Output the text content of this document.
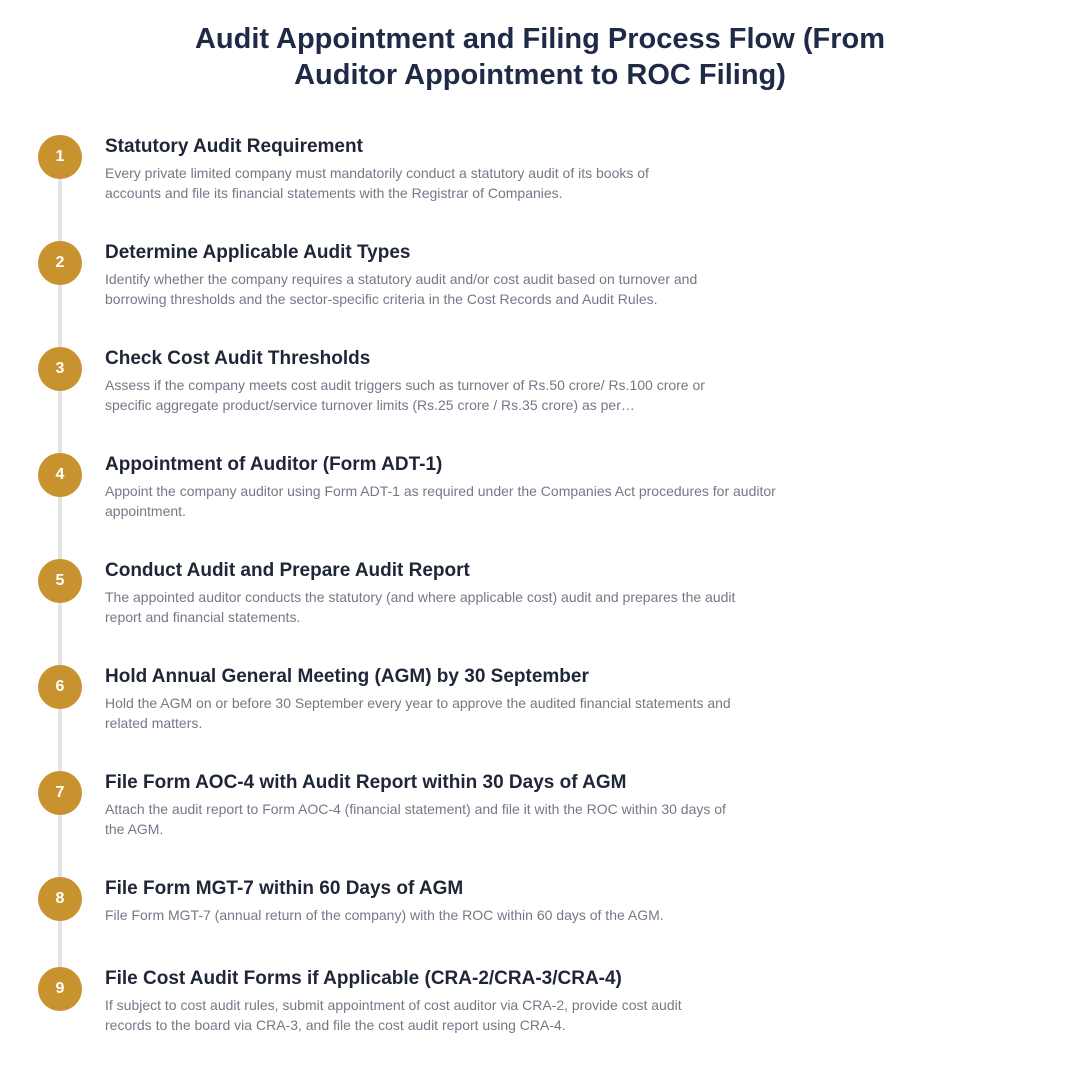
Audit Appointment and Filing Process Flow (From Auditor Appointment to ROC Filing)
1	Statutory Audit Requirement

Every private limited company must mandatorily conduct a statutory audit of its books of accounts and file its financial statements with the Registrar of Companies.

2	Determine Applicable Audit Types

Identify whether the company requires a statutory audit and/or cost audit based on turnover and borrowing thresholds and the sector-specific criteria in the Cost Records and Audit Rules.

3	Check Cost Audit Thresholds

Assess if the company meets cost audit triggers such as turnover of Rs.50 crore/ Rs.100 crore or specific aggregate product/service turnover limits (Rs.25 crore / Rs.35 crore) as per…

4	Appointment of Auditor (Form ADT-1)

Appoint the company auditor using Form ADT-1 as required under the Companies Act procedures for auditor appointment.

5	Conduct Audit and Prepare Audit Report

The appointed auditor conducts the statutory (and where applicable cost) audit and prepares the audit report and financial statements.

6	Hold Annual General Meeting (AGM) by 30 September

Hold the AGM on or before 30 September every year to approve the audited financial statements and related matters.

7	File Form AOC-4 with Audit Report within 30 Days of AGM

Attach the audit report to Form AOC-4 (financial statement) and file it with the ROC within 30 days of the AGM.

8	File Form MGT-7 within 60 Days of AGM

File Form MGT-7 (annual return of the company) with the ROC within 60 days of the AGM.

9	File Cost Audit Forms if Applicable (CRA-2/CRA-3/CRA-4)

If subject to cost audit rules, submit appointment of cost auditor via CRA-2, provide cost audit records to the board via CRA-3, and file the cost audit report using CRA-4.
